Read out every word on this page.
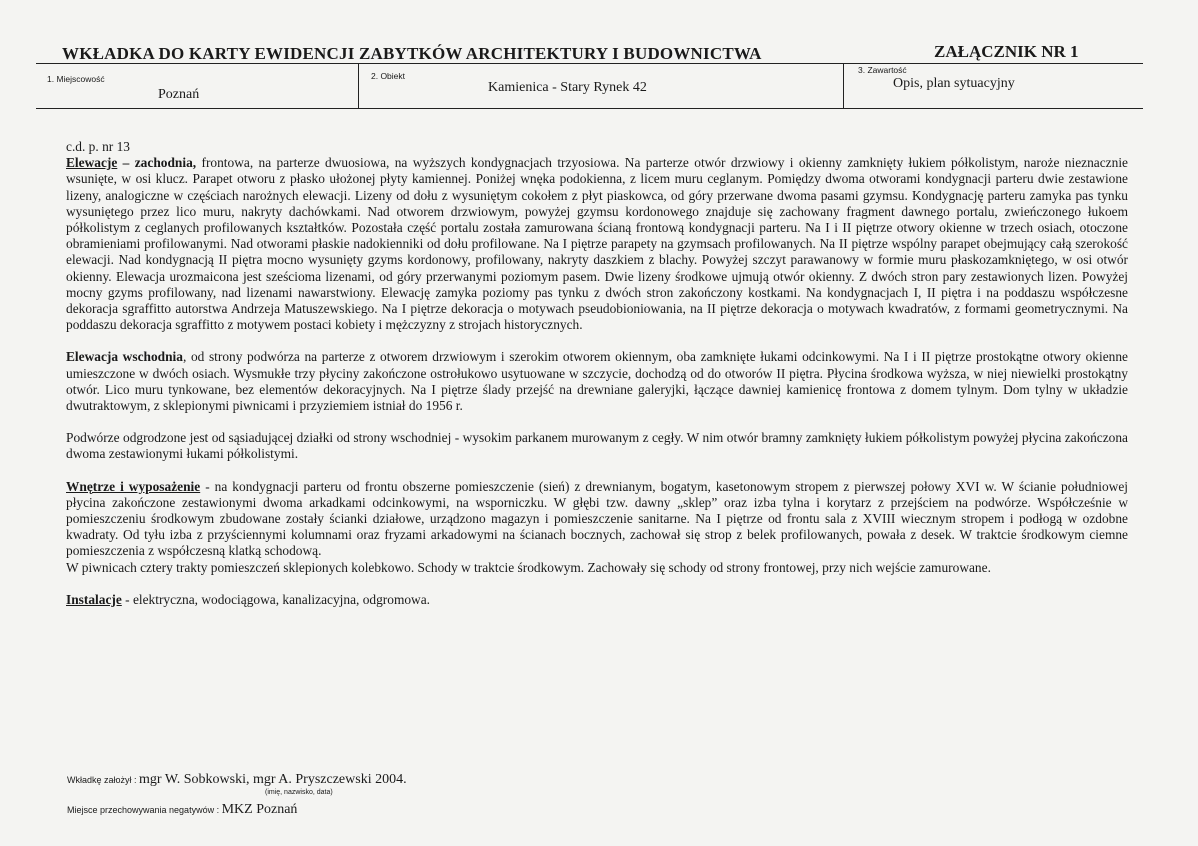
WKŁADKA DO KARTY EWIDENCJI ZABYTKÓW ARCHITEKTURY I BUDOWNICTWA	ZAŁĄCZNIK NR 1
1. Miejscowość
Poznań
2. Obiekt
Kamienica - Stary Rynek 42
3. Zawartość
Opis, plan sytuacyjny

c.d. p. nr 13

Elewacje – zachodnia, frontowa, na parterze dwuosiowa, na wyższych kondygnacjach trzyosiowa. Na parterze otwór drzwiowy i okienny zamknięty łukiem półkolistym, naroże nieznacznie wsunięte, w osi klucz. Parapet otworu z płasko ułożonej płyty kamiennej. Poniżej wnęka podokienna, z licem muru ceglanym. Pomiędzy dwoma otworami kondygnacji parteru dwie zestawione lizeny, analogiczne w częściach narożnych elewacji. Lizeny od dołu z wysuniętym cokołem z płyt piaskowca, od góry przerwane dwoma pasami gzymsu. Kondygnację parteru zamyka pas tynku wysuniętego przez lico muru, nakryty dachówkami. Nad otworem drzwiowym, powyżej gzymsu kordonowego znajduje się zachowany fragment dawnego portalu, zwieńczonego łukoem półkolistym z ceglanych profilowanych kształtków. Pozostała część portalu została zamurowana ścianą frontową kondygnacji parteru. Na I i II piętrze otwory okienne w trzech osiach, otoczone obramieniami profilowanymi. Nad otworami płaskie nadokienniki od dołu profilowane. Na I piętrze parapety na gzymsach profilowanych. Na II piętrze wspólny parapet obejmujący całą szerokość elewacji. Nad kondygnacją II piętra mocno wysunięty gzyms kordonowy, profilowany, nakryty daszkiem z blachy. Powyżej szczyt parawanowy w formie muru płaskozamkniętego, w osi otwór okienny. Elewacja urozmaicona jest sześcioma lizenami, od góry przerwanymi poziomym pasem. Dwie lizeny środkowe ujmują otwór okienny. Z dwóch stron pary zestawionych lizen. Powyżej mocny gzyms profilowany, nad lizenami nawarstwiony. Elewację zamyka poziomy pas tynku z dwóch stron zakończony kostkami. Na kondygnacjach I, II piętra i na poddaszu współczesne dekoracja sgraffitto autorstwa Andrzeja Matuszewskiego. Na I piętrze dekoracja o motywach pseudobioniowania, na II piętrze dekoracja o motywach kwadratów, z formami geometrycznymi. Na poddaszu dekoracja sgraffitto z motywem postaci kobiety i mężczyzny z strojach historycznych.

Elewacja wschodnia, od strony podwórza na parterze z otworem drzwiowym i szerokim otworem okiennym, oba zamknięte łukami odcinkowymi. Na I i II piętrze prostokątne otwory okienne umieszczone w dwóch osiach. Wysmukłe trzy płyciny zakończone ostrołukowo usytuowane w szczycie, dochodzą od do otworów II piętra. Płycina środkowa wyższa, w niej niewielki prostokątny otwór. Lico muru tynkowane, bez elementów dekoracyjnych. Na I piętrze ślady przejść na drewniane galeryjki, łączące dawniej kamienicę frontowa z domem tylnym. Dom tylny w układzie dwutraktowym, z sklepionymi piwnicami i przyziemiem istniał do 1956 r.

Podwórze odgrodzone jest od sąsiadującej działki od strony wschodniej - wysokim parkanem murowanym z cegły. W nim otwór bramny zamknięty łukiem półkolistym powyżej płycina zakończona dwoma zestawionymi łukami półkolistymi.

Wnętrze i wyposażenie - na kondygnacji parteru od frontu obszerne pomieszczenie (sień) z drewnianym, bogatym, kasetonowym stropem z pierwszej połowy XVI w. W ścianie południowej płycina zakończone zestawionymi dwoma arkadkami odcinkowymi, na wsporniczku. W głębi tzw. dawny „sklep” oraz izba tylna i korytarz z przejściem na podwórze. Współcześnie w pomieszczeniu środkowym zbudowane zostały ścianki działowe, urządzono magazyn i pomieszczenie sanitarne. Na I piętrze od frontu sala z XVIII wiecznym stropem i podłogą w ozdobne kwadraty. Od tyłu izba z przyściennymi kolumnami oraz fryzami arkadowymi na ścianach bocznych, zachował się strop z belek profilowanych, powała z desek. W traktcie środkowym ciemne pomieszczenia z współczesną klatką schodową.

W piwnicach cztery trakty pomieszczeń sklepionych kolebkowo. Schody w traktcie środkowym. Zachowały się schody od strony frontowej, przy nich wejście zamurowane.

Instalacje - elektryczna, wodociągowa, kanalizacyjna, odgromowa.

Wkładkę założył : mgr W. Sobkowski, mgr A. Pryszczewski 2004.
(imię, nazwisko, data)
Miejsce przechowywania negatywów : MKZ Poznań
